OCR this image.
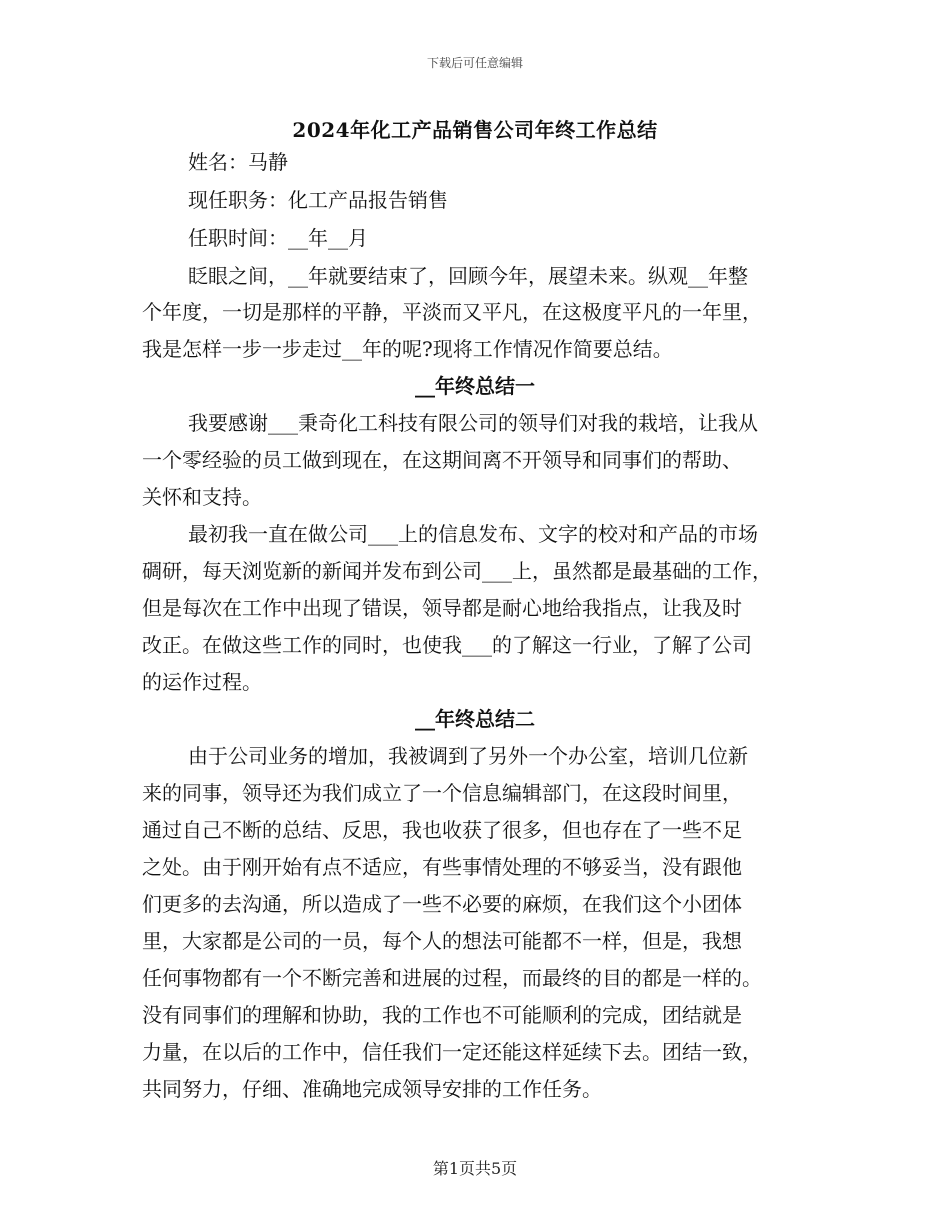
下载后可任意编辑
2024年化工产品销售公司年终工作总结
姓名：马静
现任职务：化工产品报告销售
任职时间：__年__月
眨眼之间，__年就要结束了，回顾今年，展望未来。纵观__年整
个年度，一切是那样的平静，平淡而又平凡，在这极度平凡的一年里，
我是怎样一步一步走过__年的呢?现将工作情况作简要总结。
__年终总结一
我要感谢___秉奇化工科技有限公司的领导们对我的栽培，让我从
一个零经验的员工做到现在，在这期间离不开领导和同事们的帮助、
关怀和支持。
最初我一直在做公司___上的信息发布、文字的校对和产品的市场
碉研，每天浏览新的新闻并发布到公司___上，虽然都是最基础的工作，
但是每次在工作中出现了错误，领导都是耐心地给我指点，让我及时
改正。在做这些工作的同时，也使我___的了解这一行业，了解了公司
的运作过程。
__年终总结二
由于公司业务的增加，我被调到了另外一个办公室，培训几位新
来的同事，领导还为我们成立了一个信息编辑部门，在这段时间里，
通过自己不断的总结、反思，我也收获了很多，但也存在了一些不足
之处。由于刚开始有点不适应，有些事情处理的不够妥当，没有跟他
们更多的去沟通，所以造成了一些不必要的麻烦，在我们这个小团体
里，大家都是公司的一员，每个人的想法可能都不一样，但是，我想
任何事物都有一个不断完善和进展的过程，而最终的目的都是一样的。
没有同事们的理解和协助，我的工作也不可能顺利的完成，团结就是
力量，在以后的工作中，信任我们一定还能这样延续下去。团结一致，
共同努力，仔细、准确地完成领导安排的工作任务。
第1页共5页
